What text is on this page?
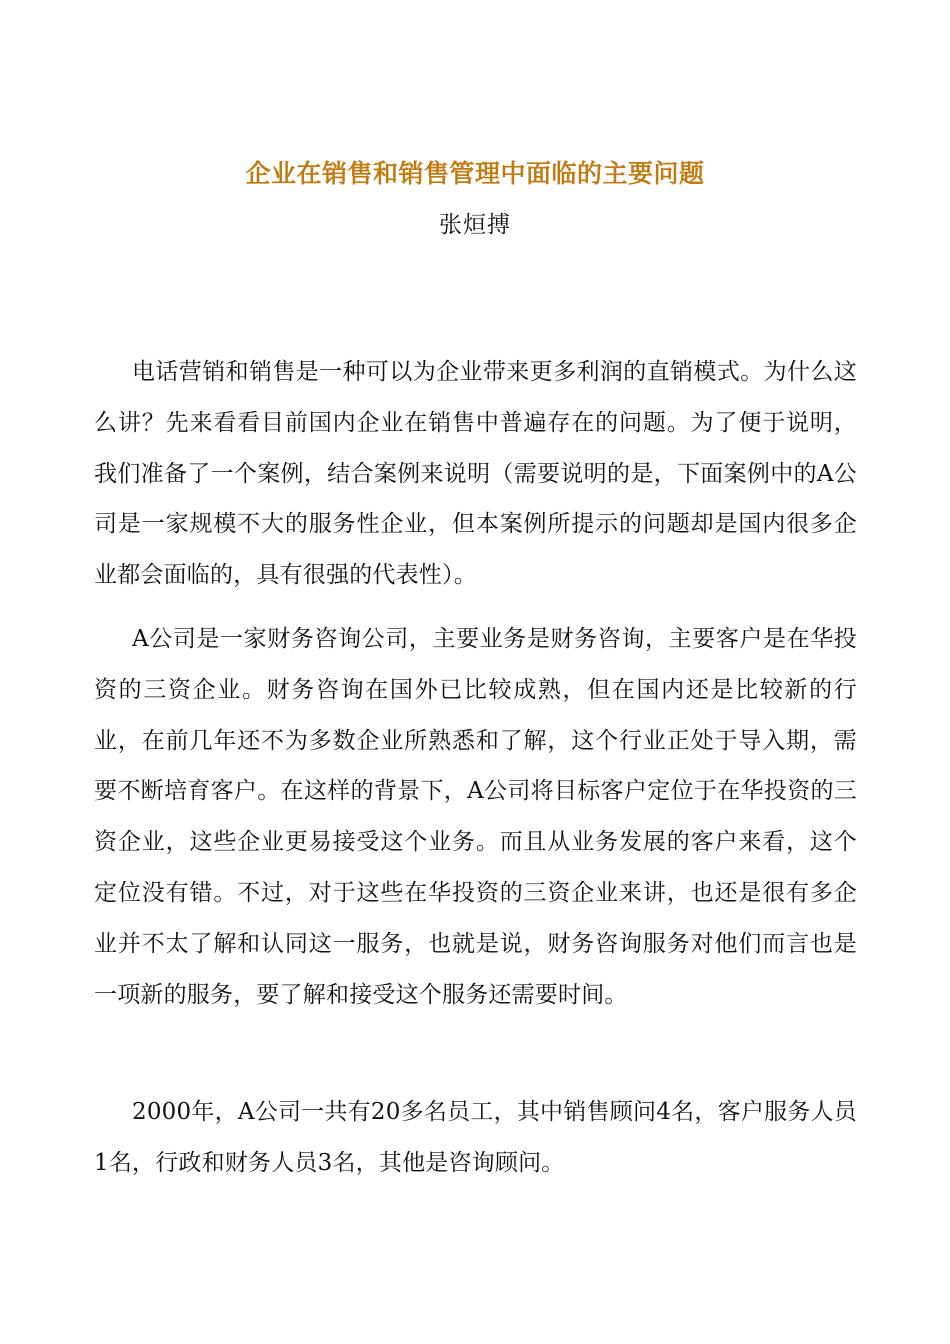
企业在销售和销售管理中面临的主要问题
张烜搏

电话营销和销售是一种可以为企业带来更多利润的直销模式。为什么这么讲？先来看看目前国内企业在销售中普遍存在的问题。为了便于说明，我们准备了一个案例，结合案例来说明（需要说明的是，下面案例中的A公司是一家规模不大的服务性企业，但本案例所提示的问题却是国内很多企业都会面临的，具有很强的代表性）。

A公司是一家财务咨询公司，主要业务是财务咨询，主要客户是在华投资的三资企业。财务咨询在国外已比较成熟，但在国内还是比较新的行业，在前几年还不为多数企业所熟悉和了解，这个行业正处于导入期，需要不断培育客户。在这样的背景下，A公司将目标客户定位于在华投资的三资企业，这些企业更易接受这个业务。而且从业务发展的客户来看，这个定位没有错。不过，对于这些在华投资的三资企业来讲，也还是很有多企业并不太了解和认同这一服务，也就是说，财务咨询服务对他们而言也是一项新的服务，要了解和接受这个服务还需要时间。

2000年，A公司一共有20多名员工，其中销售顾问4名，客户服务人员1名，行政和财务人员3名，其他是咨询顾问。
